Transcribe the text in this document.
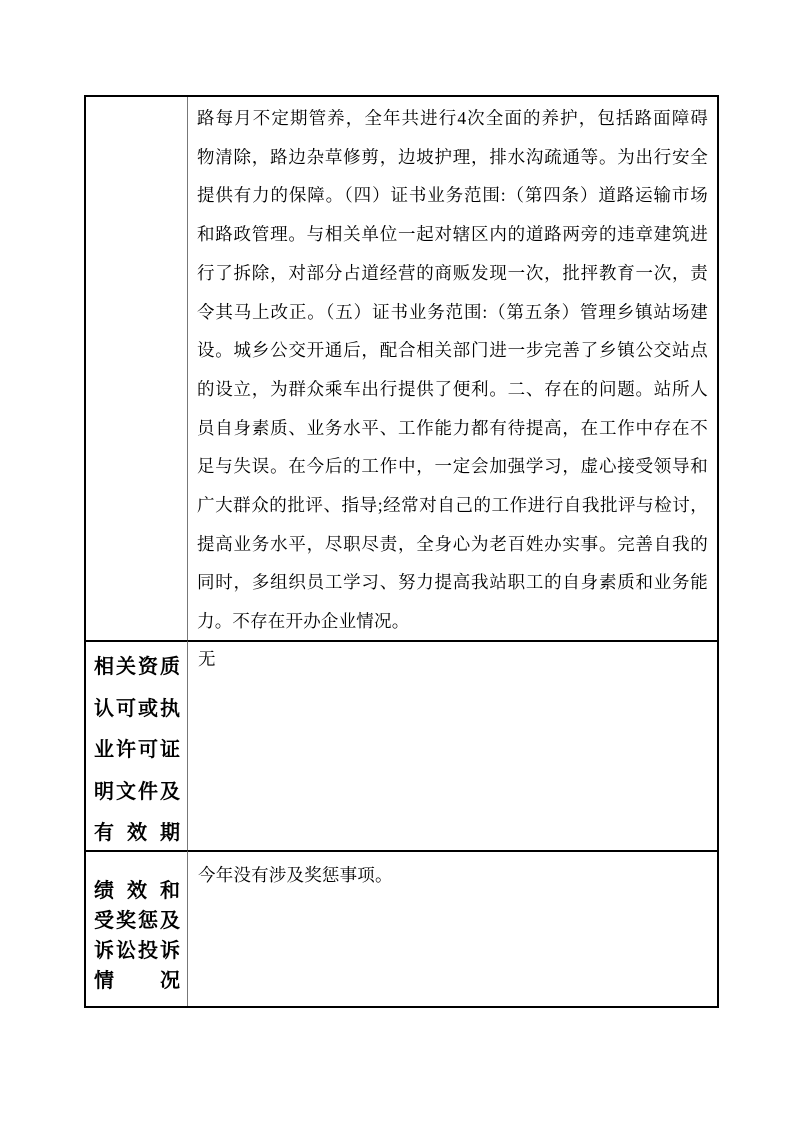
路每月不定期管养，全年共进行4次全面的养护，包括路面障碍
物清除，路边杂草修剪，边坡护理，排水沟疏通等。为出行安全
提供有力的保障。（四）证书业务范围:（第四条）道路运输市场
和路政管理。与相关单位一起对辖区内的道路两旁的违章建筑进
行了拆除，对部分占道经营的商贩发现一次，批抨教育一次，责
令其马上改正。（五）证书业务范围:（第五条）管理乡镇站场建
设。城乡公交开通后，配合相关部门进一步完善了乡镇公交站点
的设立，为群众乘车出行提供了便利。二、存在的问题。站所人
员自身素质、业务水平、工作能力都有待提高，在工作中存在不
足与失误。在今后的工作中，一定会加强学习，虚心接受领导和
广大群众的批评、指导;经常对自己的工作进行自我批评与检讨，
提高业务水平，尽职尽责，全身心为老百姓办实事。完善自我的
同时，多组织员工学习、努力提高我站职工的自身素质和业务能
力。不存在开办企业情况。
相关资质
认可或执
业许可证
明文件及
有效期
无
绩效和
受奖惩及
诉讼投诉
情况
今年没有涉及奖惩事项。
